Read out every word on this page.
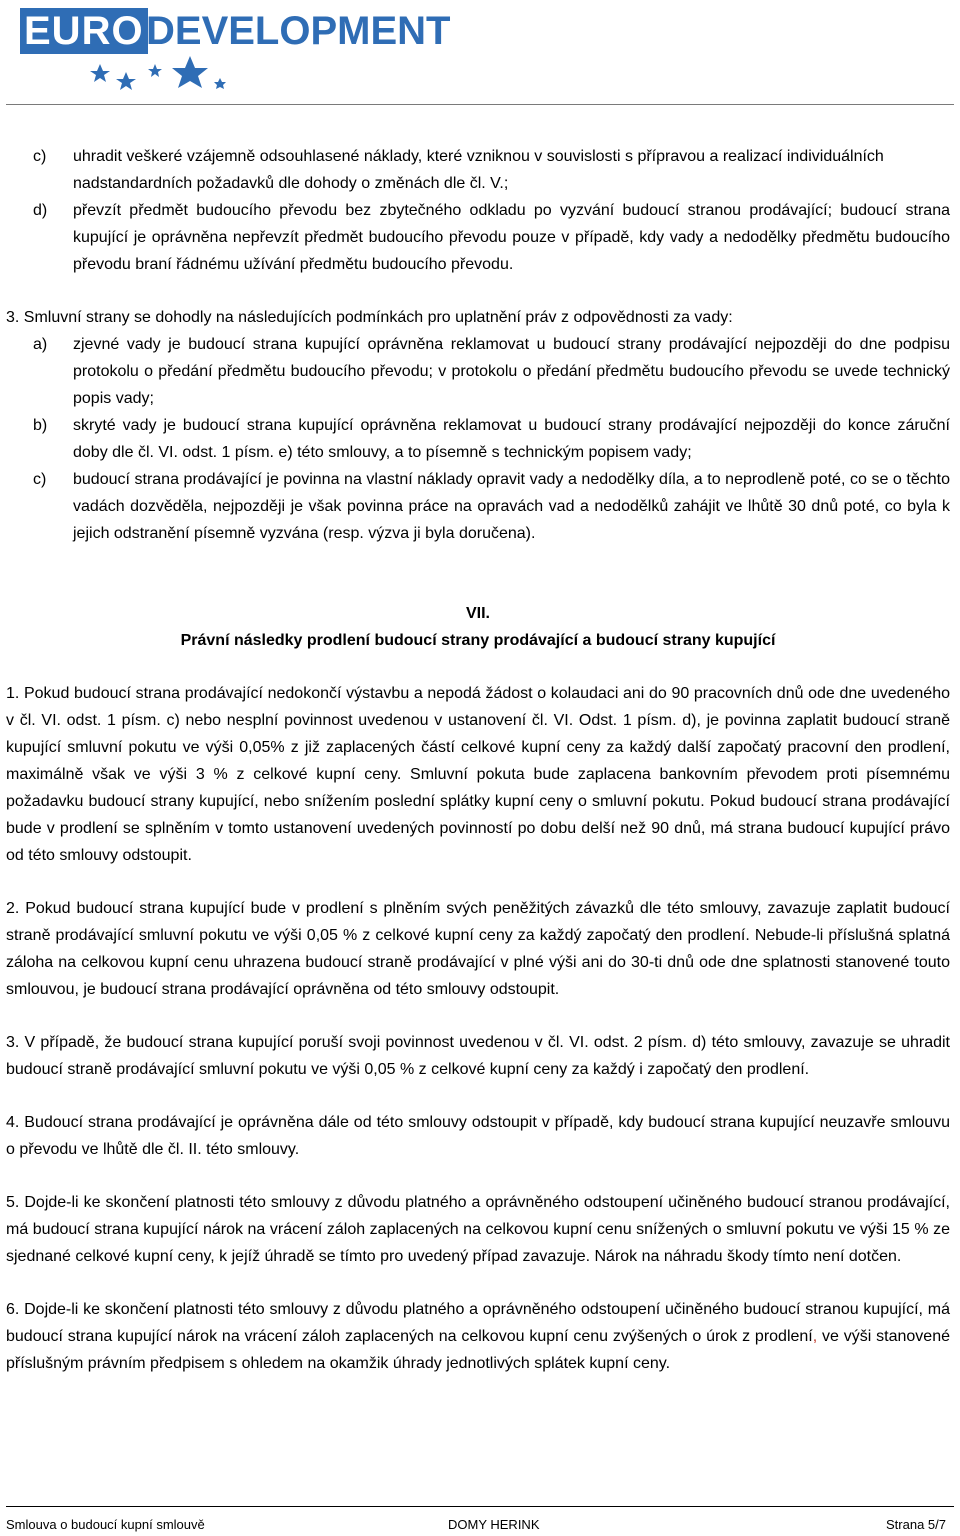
EURO DEVELOPMENT
c)	uhradit veškeré vzájemně odsouhlasené náklady, které vzniknou v souvislosti s přípravou a realizací individuálních nadstandardních požadavků dle dohody o změnách dle čl. V.;
d)	převzít předmět budoucího převodu bez zbytečného odkladu po vyzvání budoucí stranou prodávající; budoucí strana kupující je oprávněna nepřevzít předmět budoucího převodu pouze v případě, kdy vady a nedodělky předmětu budoucího převodu braní řádnému užívání předmětu budoucího převodu.

3. Smluvní strany se dohodly na následujících podmínkách pro uplatnění práv z odpovědnosti za vady:

a)	zjevné vady je budoucí strana kupující oprávněna reklamovat u budoucí strany prodávající nejpozději do dne podpisu protokolu o předání předmětu budoucího převodu; v protokolu o předání předmětu budoucího převodu se uvede technický popis vady;
b)	skryté vady je budoucí strana kupující oprávněna reklamovat u budoucí strany prodávající nejpozději do konce záruční doby dle čl. VI. odst. 1 písm. e) této smlouvy, a to písemně s technickým popisem vady;
c)	budoucí strana prodávající je povinna na vlastní náklady opravit vady a nedodělky díla, a to neprodleně poté, co se o těchto vadách dozvěděla, nejpozději je však povinna práce na opravách vad a nedodělků zahájit ve lhůtě 30 dnů poté, co byla k jejich odstranění písemně vyzvána (resp. výzva ji byla doručena).
VII.
Právní následky prodlení budoucí strany prodávající a budoucí strany kupující

1. Pokud budoucí strana prodávající nedokončí výstavbu a nepodá žádost o kolaudaci ani do 90 pracovních dnů ode dne uvedeného v čl. VI. odst. 1 písm. c) nebo nesplní povinnost uvedenou v ustanovení čl. VI. Odst. 1 písm. d), je povinna zaplatit budoucí straně kupující smluvní pokutu ve výši 0,05% z již zaplacených částí celkové kupní ceny za každý další započatý pracovní den prodlení, maximálně však ve výši 3 % z celkové kupní ceny. Smluvní pokuta bude zaplacena bankovním převodem proti písemnému požadavku budoucí strany kupující, nebo snížením poslední splátky kupní ceny o smluvní pokutu. Pokud budoucí strana prodávající bude v prodlení se splněním v tomto ustanovení uvedených povinností po dobu delší než 90 dnů, má strana budoucí kupující právo od této smlouvy odstoupit.

2. Pokud budoucí strana kupující bude v prodlení s plněním svých peněžitých závazků dle této smlouvy, zavazuje zaplatit budoucí straně prodávající smluvní pokutu ve výši 0,05 % z celkové kupní ceny za každý započatý den prodlení. Nebude-li příslušná splatná záloha na celkovou kupní cenu uhrazena budoucí straně prodávající v plné výši ani do 30-ti dnů ode dne splatnosti stanovené touto smlouvou, je budoucí strana prodávající oprávněna od této smlouvy odstoupit.

3. V případě, že budoucí strana kupující poruší svoji povinnost uvedenou v čl. VI. odst. 2 písm. d) této smlouvy, zavazuje se uhradit budoucí straně prodávající smluvní pokutu ve výši 0,05 % z celkové kupní ceny za každý i započatý den prodlení.

4. Budoucí strana prodávající je oprávněna dále od této smlouvy odstoupit v případě, kdy budoucí strana kupující neuzavře smlouvu o převodu ve lhůtě dle čl. II. této smlouvy.

5. Dojde-li ke skončení platnosti této smlouvy z důvodu platného a oprávněného odstoupení učiněného budoucí stranou prodávající, má budoucí strana kupující nárok na vrácení záloh zaplacených na celkovou kupní cenu snížených o smluvní pokutu ve výši 15 % ze sjednané celkové kupní ceny, k jejíž úhradě se tímto pro uvedený případ zavazuje. Nárok na náhradu škody tímto není dotčen.

6. Dojde-li ke skončení platnosti této smlouvy z důvodu platného a oprávněného odstoupení učiněného budoucí stranou kupující, má budoucí strana kupující nárok na vrácení záloh zaplacených na celkovou kupní cenu zvýšených o úrok z prodlení, ve výši stanovené příslušným právním předpisem s ohledem na okamžik úhrady jednotlivých splátek kupní ceny.

Smlouva o budoucí kupní smlouvě	DOMY HERINK	Strana 5/7
